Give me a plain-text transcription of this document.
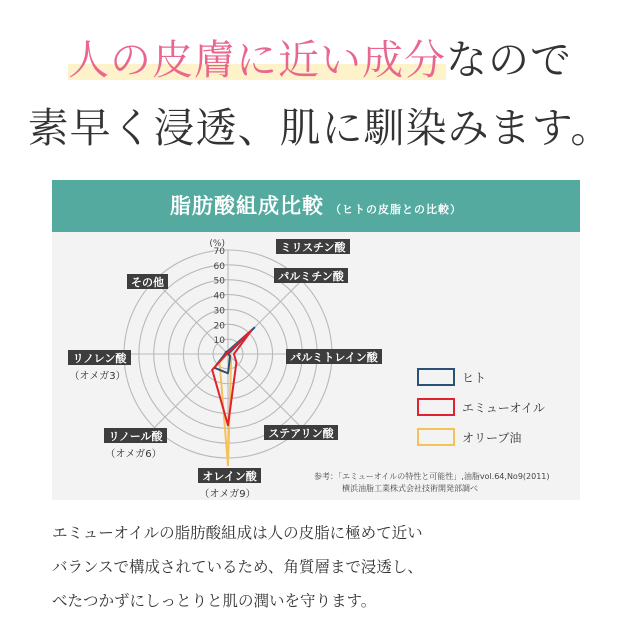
人の皮膚に近い成分なので
素早く浸透、肌に馴染みます。
脂肪酸組成比較 （ヒトの皮脂との比較）
10
20
30
40
50
60
70
(%)	ミリスチン酸
パルミチン酸
パルミトレイン酸
ステアリン酸
オレイン酸
（オメガ9）
リノール酸
（オメガ6）
リノレン酸
（オメガ3）
その他
ヒト
エミューオイル
オリーブ油
参考：「エミューオイルの特性と可能性」,油脂vol.64,No9(2011)
横浜油脂工業株式会社技術開発部調べ
エミューオイルの脂肪酸組成は人の皮脂に極めて近い
バランスで構成されているため、角質層まで浸透し、
べたつかずにしっとりと肌の潤いを守ります。
